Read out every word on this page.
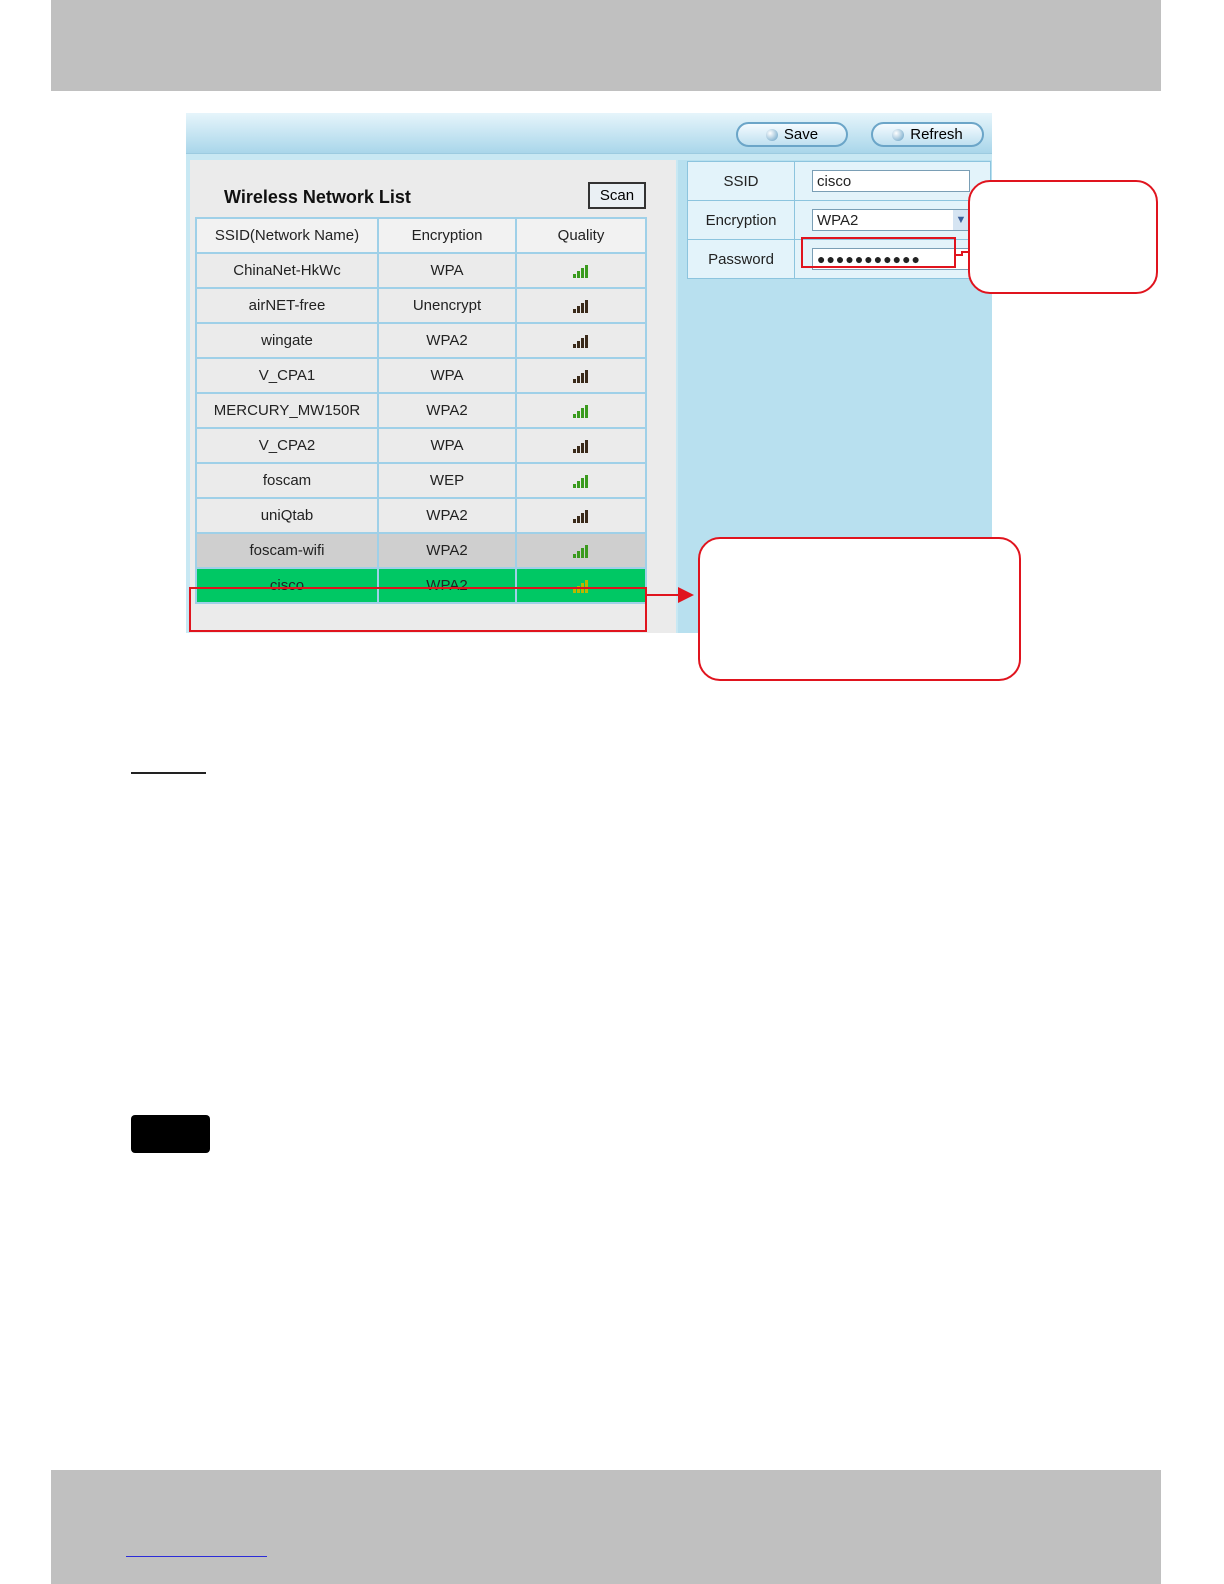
Save	Refresh
Wireless Network List	Scan
SSID(Network Name)	Encryption	Quality
ChinaNet-HkWc	WPA	
airNET-free	Unencrypt	
wingate	WPA2	
V_CPA1	WPA	
MERCURY_MW150R	WPA2	
V_CPA2	WPA	
foscam	WEP	
uniQtab	WPA2	
foscam-wifi	WPA2	
cisco	WPA2	
SSID	cisco

Encryption	WPA2 ▼

Password	●●●●●●●●●●●
